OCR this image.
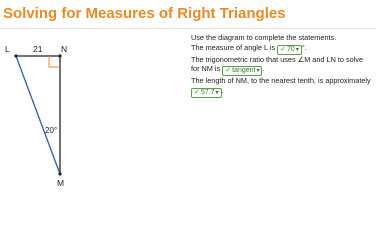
Solving for Measures of Right Triangles
L	N
M
21
20°

Use the diagram to complete the statements.

The measure of angle L is ✓70▾ °.

The trigonometric ratio that uses ∠M and LN to solve for NM is ✓tangent▾ .

The length of NM, to the nearest tenth, is approximately ✓57.7▾ .
